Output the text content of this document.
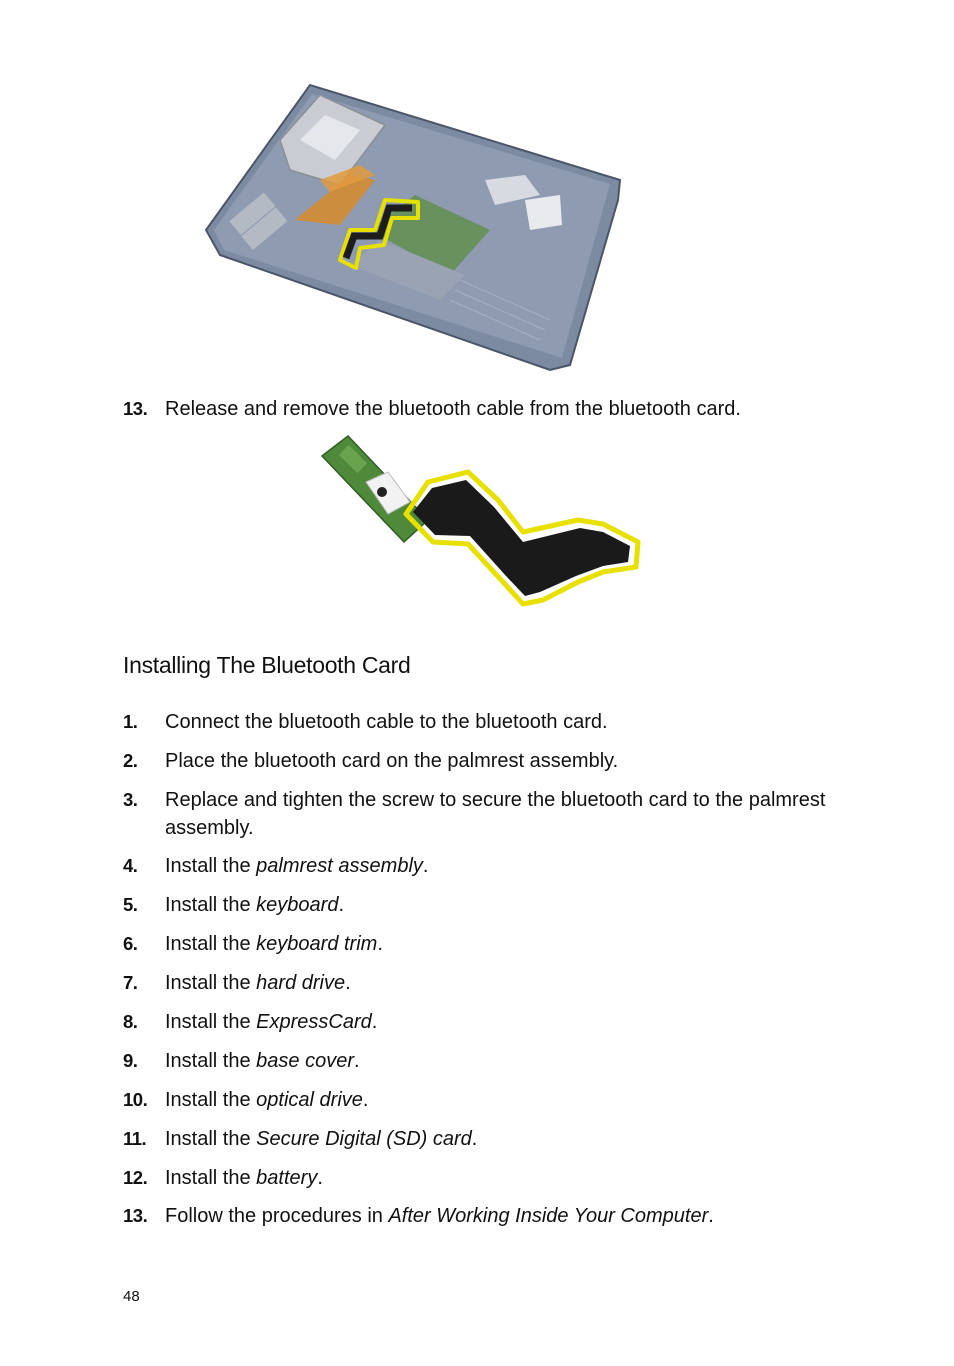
13. Release and remove the bluetooth cable from the bluetooth card.
Installing The Bluetooth Card
1. Connect the bluetooth cable to the bluetooth card.
2. Place the bluetooth card on the palmrest assembly.
3. Replace and tighten the screw to secure the bluetooth card to the palmrest assembly.
4. Install the palmrest assembly.
5. Install the keyboard.
6. Install the keyboard trim.
7. Install the hard drive.
8. Install the ExpressCard.
9. Install the base cover.
10. Install the optical drive.
11. Install the Secure Digital (SD) card.
12. Install the battery.
13. Follow the procedures in After Working Inside Your Computer.
48
